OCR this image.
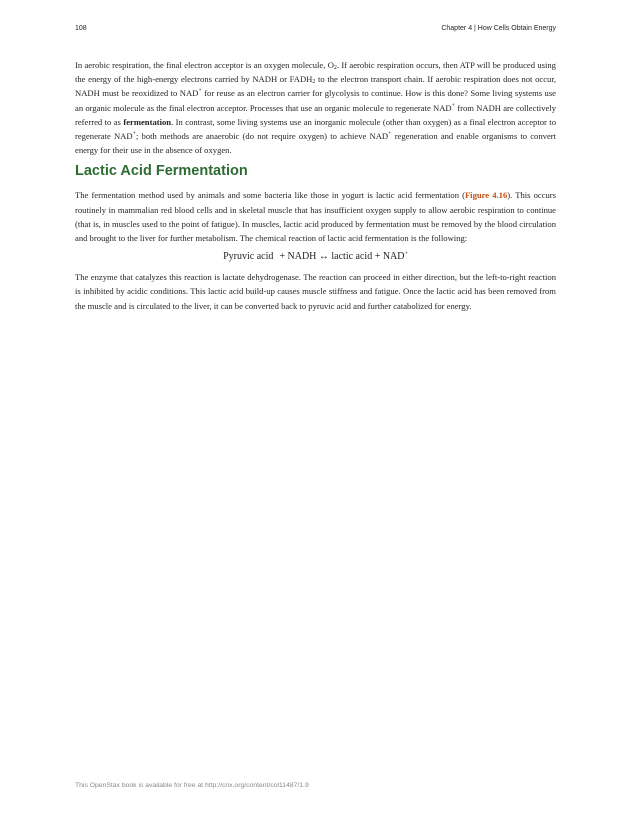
108	Chapter 4 | How Cells Obtain Energy

In aerobic respiration, the final electron acceptor is an oxygen molecule, $O_2$. If aerobic respiration occurs, then ATP will be produced using the energy of the high-energy electrons carried by NADH or $FADH_2$ to the electron transport chain. If aerobic respiration does not occur, NADH must be reoxidized to NAD+ for reuse as an electron carrier for glycolysis to continue. How is this done? Some living systems use an organic molecule as the final electron acceptor. Processes that use an organic molecule to regenerate NAD+ from NADH are collectively referred to as fermentation. In contrast, some living systems use an inorganic molecule (other than oxygen) as a final electron acceptor to regenerate NAD+; both methods are anaerobic (do not require oxygen) to achieve NAD+ regeneration and enable organisms to convert energy for their use in the absence of oxygen.

Lactic Acid Fermentation

The fermentation method used by animals and some bacteria like those in yogurt is lactic acid fermentation (Figure 4.16). This occurs routinely in mammalian red blood cells and in skeletal muscle that has insufficient oxygen supply to allow aerobic respiration to continue (that is, in muscles used to the point of fatigue). In muscles, lactic acid produced by fermentation must be removed by the blood circulation and brought to the liver for further metabolism. The chemical reaction of lactic acid fermentation is the following:

Pyruvic acid + NADH ↔ lactic acid + NAD+

The enzyme that catalyzes this reaction is lactate dehydrogenase. The reaction can proceed in either direction, but the left-to-right reaction is inhibited by acidic conditions. This lactic acid build-up causes muscle stiffness and fatigue. Once the lactic acid has been removed from the muscle and is circulated to the liver, it can be converted back to pyruvic acid and further catabolized for energy.

This OpenStax book is available for free at http://cnx.org/content/col11487/1.9
